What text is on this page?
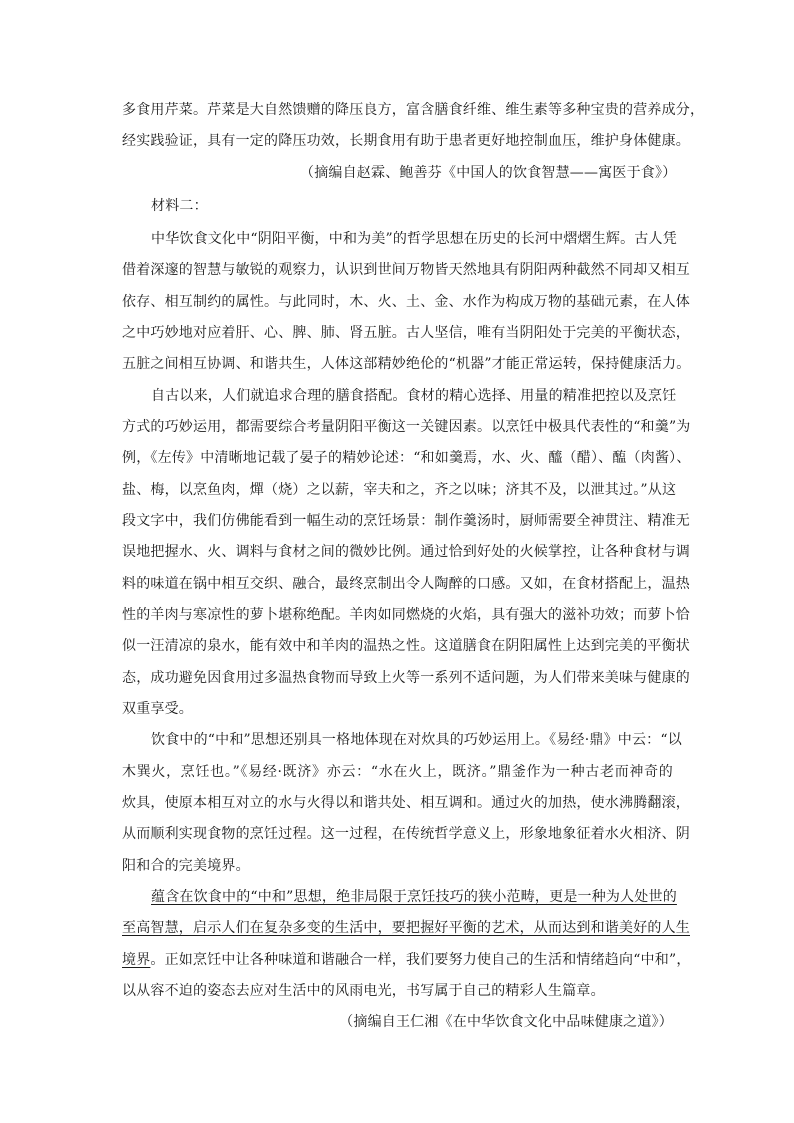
多食用芹菜。芹菜是大自然馈赠的降压良方，富含膳食纤维、维生素等多种宝贵的营养成分，
经实践验证，具有一定的降压功效，长期食用有助于患者更好地控制血压，维护身体健康。
（摘编自赵霖、鲍善芬《中国人的饮食智慧——寓医于食》）
材料二：
中华饮食文化中“阴阳平衡，中和为美”的哲学思想在历史的长河中熠熠生辉。古人凭
借着深邃的智慧与敏锐的观察力，认识到世间万物皆天然地具有阴阳两种截然不同却又相互
依存、相互制约的属性。与此同时，木、火、土、金、水作为构成万物的基础元素，在人体
之中巧妙地对应着肝、心、脾、肺、肾五脏。古人坚信，唯有当阴阳处于完美的平衡状态，
五脏之间相互协调、和谐共生，人体这部精妙绝伦的“机器”才能正常运转，保持健康活力。
自古以来，人们就追求合理的膳食搭配。食材的精心选择、用量的精准把控以及烹饪
方式的巧妙运用，都需要综合考量阴阳平衡这一关键因素。以烹饪中极具代表性的“和羹”为
例，《左传》中清晰地记载了晏子的精妙论述：“和如羹焉，水、火、醯（醋）、醢（肉酱）、
盐、梅，以烹鱼肉，燀（烧）之以薪，宰夫和之，齐之以味；济其不及，以泄其过。”从这
段文字中，我们仿佛能看到一幅生动的烹饪场景：制作羹汤时，厨师需要全神贯注、精准无
误地把握水、火、调料与食材之间的微妙比例。通过恰到好处的火候掌控，让各种食材与调
料的味道在锅中相互交织、融合，最终烹制出令人陶醉的口感。又如，在食材搭配上，温热
性的羊肉与寒凉性的萝卜堪称绝配。羊肉如同燃烧的火焰，具有强大的滋补功效；而萝卜恰
似一汪清凉的泉水，能有效中和羊肉的温热之性。这道膳食在阴阳属性上达到完美的平衡状
态，成功避免因食用过多温热食物而导致上火等一系列不适问题，为人们带来美味与健康的
双重享受。
饮食中的“中和”思想还别具一格地体现在对炊具的巧妙运用上。《易经·鼎》中云：“以
木巽火，烹饪也。”《易经·既济》亦云：“水在火上，既济。”鼎釜作为一种古老而神奇的
炊具，使原本相互对立的水与火得以和谐共处、相互调和。通过火的加热，使水沸腾翻滚，
从而顺利实现食物的烹饪过程。这一过程，在传统哲学意义上，形象地象征着水火相济、阴
阳和合的完美境界。
蕴含在饮食中的“中和”思想，绝非局限于烹饪技巧的狭小范畴，更是一种为人处世的
至高智慧，启示人们在复杂多变的生活中，要把握好平衡的艺术，从而达到和谐美好的人生
境界。正如烹饪中让各种味道和谐融合一样，我们要努力使自己的生活和情绪趋向“中和”，
以从容不迫的姿态去应对生活中的风雨电光，书写属于自己的精彩人生篇章。
（摘编自王仁湘《在中华饮食文化中品味健康之道》）
